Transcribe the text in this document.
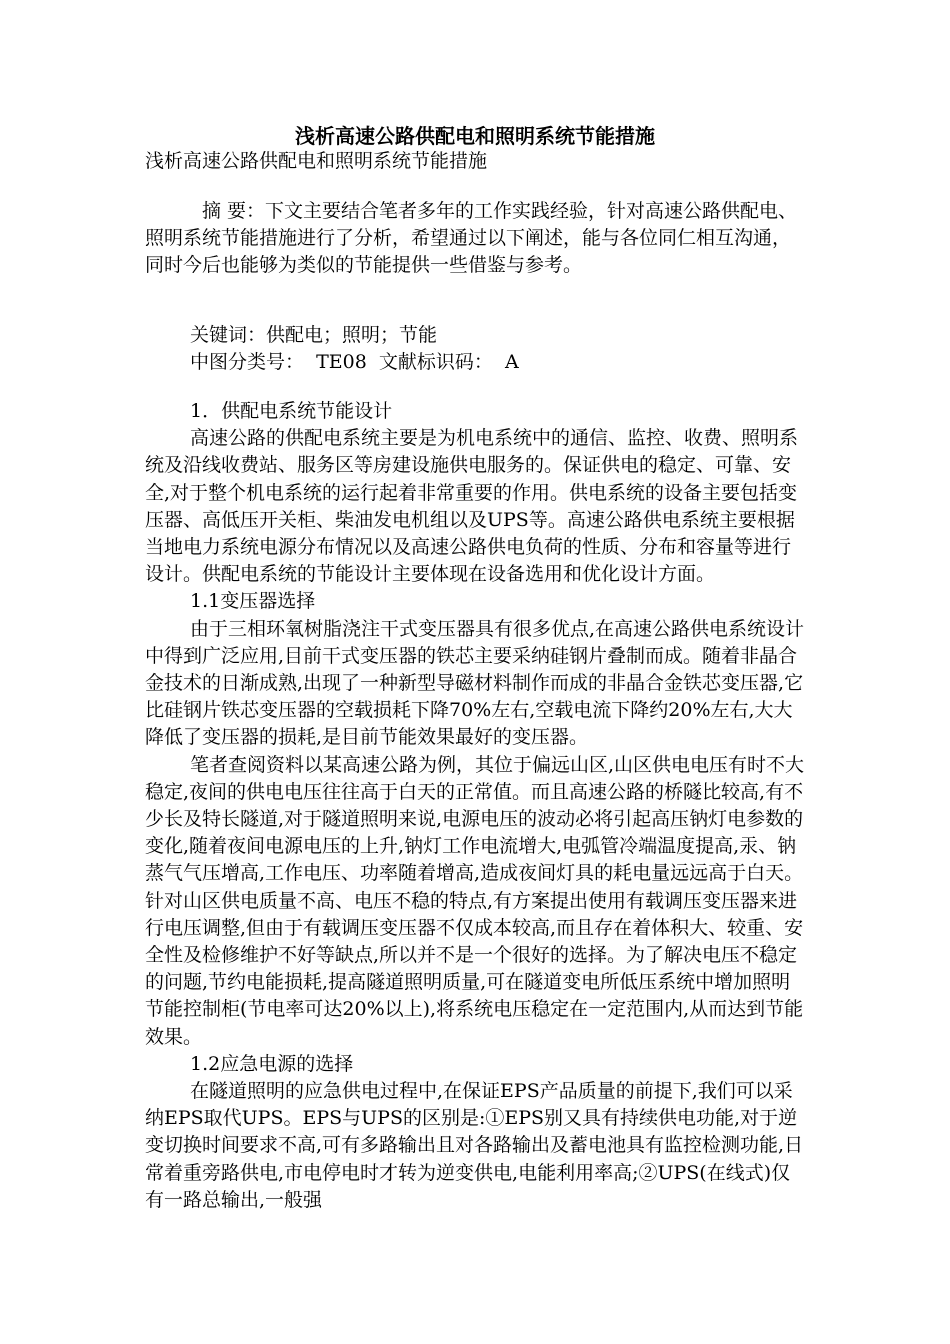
浅析高速公路供配电和照明系统节能措施

浅析高速公路供配电和照明系统节能措施

摘 要：下文主要结合笔者多年的工作实践经验，针对高速公路供配电、照明系统节能措施进行了分析，希望通过以下阐述，能与各位同仁相互沟通，同时今后也能够为类似的节能提供一些借鉴与参考。

关键词：供配电；照明；节能

中图分类号：  TE08  文献标识码：  A

1．供配电系统节能设计

高速公路的供配电系统主要是为机电系统中的通信、监控、收费、照明系统及沿线收费站、服务区等房建设施供电服务的。保证供电的稳定、可靠、安全,对于整个机电系统的运行起着非常重要的作用。供电系统的设备主要包括变压器、高低压开关柜、柴油发电机组以及UPS等。高速公路供电系统主要根据当地电力系统电源分布情况以及高速公路供电负荷的性质、分布和容量等进行设计。供配电系统的节能设计主要体现在设备选用和优化设计方面。

1.1变压器选择

由于三相环氧树脂浇注干式变压器具有很多优点,在高速公路供电系统设计中得到广泛应用,目前干式变压器的铁芯主要采纳硅钢片叠制而成。随着非晶合金技术的日渐成熟,出现了一种新型导磁材料制作而成的非晶合金铁芯变压器,它比硅钢片铁芯变压器的空载损耗下降70%左右,空载电流下降约20%左右,大大降低了变压器的损耗,是目前节能效果最好的变压器。

笔者查阅资料以某高速公路为例，其位于偏远山区,山区供电电压有时不大稳定,夜间的供电电压往往高于白天的正常值。而且高速公路的桥隧比较高,有不少长及特长隧道,对于隧道照明来说,电源电压的波动必将引起高压钠灯电参数的变化,随着夜间电源电压的上升,钠灯工作电流增大,电弧管冷端温度提高,汞、钠蒸气气压增高,工作电压、功率随着增高,造成夜间灯具的耗电量远远高于白天。针对山区供电质量不高、电压不稳的特点,有方案提出使用有载调压变压器来进行电压调整,但由于有载调压变压器不仅成本较高,而且存在着体积大、较重、安全性及检修维护不好等缺点,所以并不是一个很好的选择。为了解决电压不稳定的问题,节约电能损耗,提高隧道照明质量,可在隧道变电所低压系统中增加照明节能控制柜(节电率可达20%以上),将系统电压稳定在一定范围内,从而达到节能效果。

1.2应急电源的选择

在隧道照明的应急供电过程中,在保证EPS产品质量的前提下,我们可以采纳EPS取代UPS。EPS与UPS的区别是:①EPS别又具有持续供电功能,对于逆变切换时间要求不高,可有多路输出且对各路输出及蓄电池具有监控检测功能,日常着重旁路供电,市电停电时才转为逆变供电,电能利用率高;②UPS(在线式)仅有一路总输出,一般强
